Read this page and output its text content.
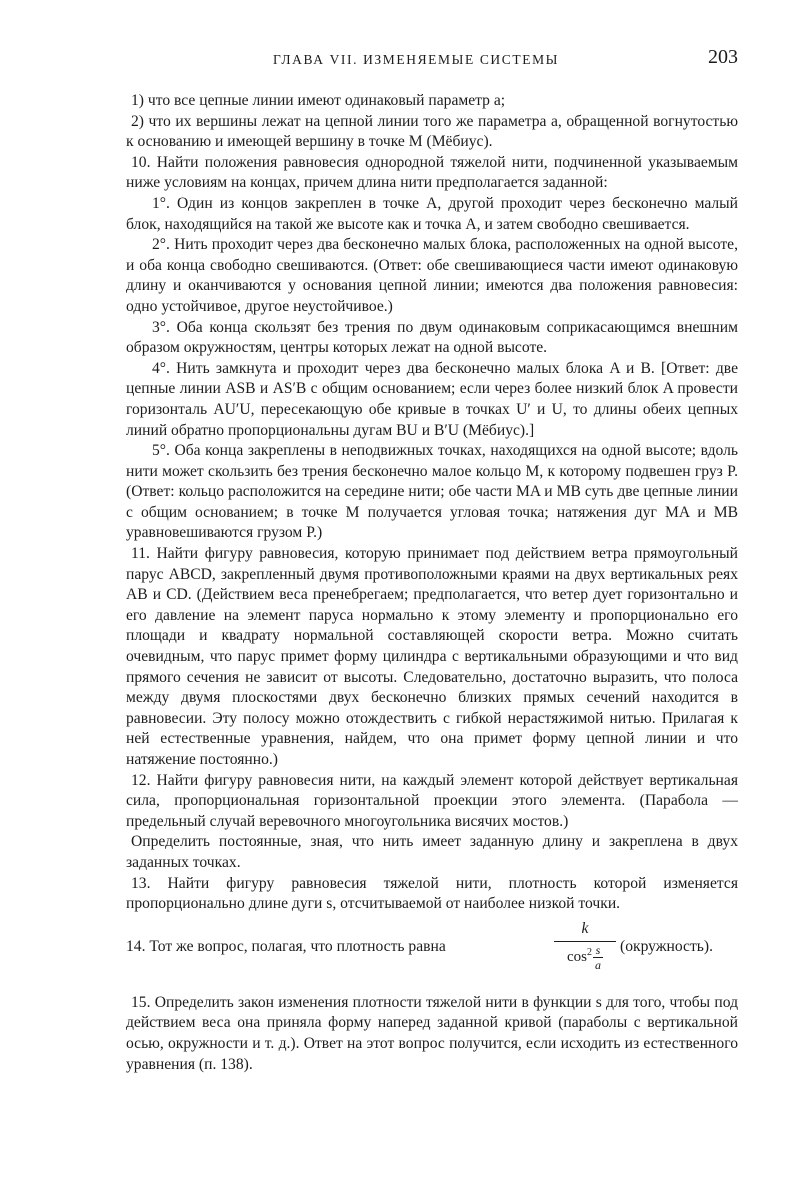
ГЛАВА VII. ИЗМЕНЯЕМЫЕ СИСТЕМЫ	203

1) что все цепные линии имеют одинаковый параметр a;

2) что их вершины лежат на цепной линии того же параметра a, обращенной вогнутостью к основанию и имеющей вершину в точке M (Мёбиус).

10. Найти положения равновесия однородной тяжелой нити, подчиненной указываемым ниже условиям на концах, причем длина нити предполагается заданной:

1°. Один из концов закреплен в точке A, другой проходит через бесконечно малый блок, находящийся на такой же высоте как и точка A, и затем свободно свешивается.

2°. Нить проходит через два бесконечно малых блока, расположенных на одной высоте, и оба конца свободно свешиваются. (Ответ: обе свешивающиеся части имеют одинаковую длину и оканчиваются у основания цепной линии; имеются два положения равновесия: одно устойчивое, другое неустойчивое.)

3°. Оба конца скользят без трения по двум одинаковым соприкасающимся внешним образом окружностям, центры которых лежат на одной высоте.

4°. Нить замкнута и проходит через два бесконечно малых блока A и B. [Ответ: две цепные линии ASB и AS′B с общим основанием; если через более низкий блок A провести горизонталь AU′U, пересекающую обе кривые в точках U′ и U, то длины обеих цепных линий обратно пропорциональны дугам BU и B′U (Мёбиус).]

5°. Оба конца закреплены в неподвижных точках, находящихся на одной высоте; вдоль нити может скользить без трения бесконечно малое кольцо M, к которому подвешен груз P. (Ответ: кольцо расположится на середине нити; обе части MA и MB суть две цепные линии с общим основанием; в точке M получается угловая точка; натяжения дуг MA и MB уравновешиваются грузом P.)

11. Найти фигуру равновесия, которую принимает под действием ветра прямоугольный парус ABCD, закрепленный двумя противоположными краями на двух вертикальных реях AB и CD. (Действием веса пренебрегаем; предполагается, что ветер дует горизонтально и его давление на элемент паруса нормально к этому элементу и пропорционально его площади и квадрату нормальной составляющей скорости ветра. Можно считать очевидным, что парус примет форму цилиндра с вертикальными образующими и что вид прямого сечения не зависит от высоты. Следовательно, достаточно выразить, что полоса между двумя плоскостями двух бесконечно близких прямых сечений находится в равновесии. Эту полосу можно отождествить с гибкой нерастяжимой нитью. Прилагая к ней естественные уравнения, найдем, что она примет форму цепной линии и что натяжение постоянно.)

12. Найти фигуру равновесия нити, на каждый элемент которой действует вертикальная сила, пропорциональная горизонтальной проекции этого элемента. (Парабола — предельный случай веревочного многоугольника висячих мостов.)

Определить постоянные, зная, что нить имеет заданную длину и закреплена в двух заданных точках.

13. Найти фигуру равновесия тяжелой нити, плотность которой изменяется пропорционально длине дуги s, отсчитываемой от наиболее низкой точки.

14. Тот же вопрос, полагая, что плотность равна
k
$\cos^2\frac{s}{a}$	(окружность).

15. Определить закон изменения плотности тяжелой нити в функции s для того, чтобы под действием веса она приняла форму наперед заданной кривой (параболы с вертикальной осью, окружности и т. д.). Ответ на этот вопрос получится, если исходить из естественного уравнения (п. 138).
